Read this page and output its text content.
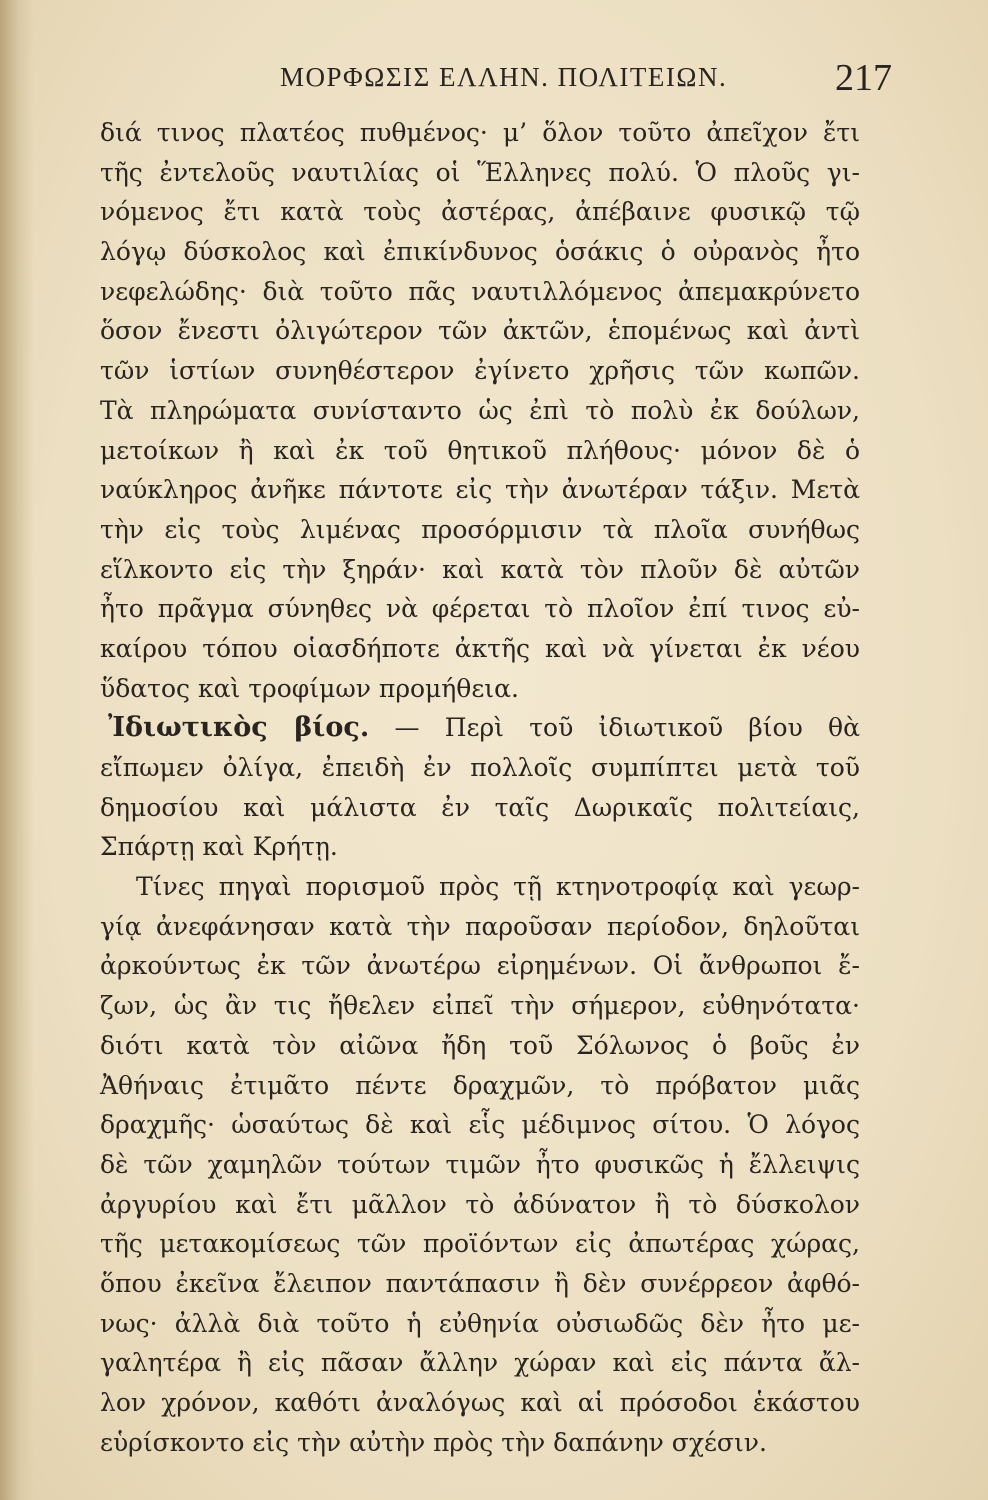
ΜΟΡΦΩΣΙΣ ΕΛΛΗΝ. ΠΟΛΙΤΕΙΩΝ.	217
διά τινος πλατέος πυθμένος· μ’ ὅλον τοῦτο ἀπεῖχον ἔτι
τῆς ἐντελοῦς ναυτιλίας οἱ Ἕλληνες πολύ. Ὁ πλοῦς γι-
νόμενος ἔτι κατὰ τοὺς ἀστέρας, ἀπέβαινε φυσικῷ τῷ
λόγῳ δύσκολος καὶ ἐπικίνδυνος ὁσάκις ὁ οὐρανὸς ἦτο
νεφελώδης· διὰ τοῦτο πᾶς ναυτιλλόμενος ἀπεμακρύνετο
ὅσον ἔνεστι ὀλιγώτερον τῶν ἀκτῶν, ἑπομένως καὶ ἀντὶ
τῶν ἱστίων συνηθέστερον ἐγίνετο χρῆσις τῶν κωπῶν.
Τὰ πληρώματα συνίσταντο ὡς ἐπὶ τὸ πολὺ ἐκ δούλων,
μετοίκων ἢ καὶ ἐκ τοῦ θητικοῦ πλήθους· μόνον δὲ ὁ
ναύκληρος ἀνῆκε πάντοτε εἰς τὴν ἀνωτέραν τάξιν. Μετὰ
τὴν εἰς τοὺς λιμένας προσόρμισιν τὰ πλοῖα συνήθως
εἵλκοντο εἰς τὴν ξηράν· καὶ κατὰ τὸν πλοῦν δὲ αὐτῶν
ἦτο πρᾶγμα σύνηθες νὰ φέρεται τὸ πλοῖον ἐπί τινος εὐ-
καίρου τόπου οἱασδήποτε ἀκτῆς καὶ νὰ γίνεται ἐκ νέου
ὕδατος καὶ τροφίμων προμήθεια.
Ἰδιωτικὸς βίος. — Περὶ τοῦ ἰδιωτικοῦ βίου θὰ
εἴπωμεν ὀλίγα, ἐπειδὴ ἐν πολλοῖς συμπίπτει μετὰ τοῦ
δημοσίου καὶ μάλιστα ἐν ταῖς Δωρικαῖς πολιτείαις,
Σπάρτῃ καὶ Κρήτῃ.
Τίνες πηγαὶ πορισμοῦ πρὸς τῇ κτηνοτροφίᾳ καὶ γεωρ-
γίᾳ ἀνεφάνησαν κατὰ τὴν παροῦσαν περίοδον, δηλοῦται
ἀρκούντως ἐκ τῶν ἀνωτέρω εἰρημένων. Οἱ ἄνθρωποι ἔ-
ζων, ὡς ἂν τις ἤθελεν εἰπεῖ τὴν σήμερον, εὐθηνότατα·
διότι κατὰ τὸν αἰῶνα ἤδη τοῦ Σόλωνος ὁ βοῦς ἐν
Ἀθήναις ἐτιμᾶτο πέντε δραχμῶν, τὸ πρόβατον μιᾶς
δραχμῆς· ὡσαύτως δὲ καὶ εἷς μέδιμνος σίτου. Ὁ λόγος
δὲ τῶν χαμηλῶν τούτων τιμῶν ἦτο φυσικῶς ἡ ἔλλειψις
ἀργυρίου καὶ ἔτι μᾶλλον τὸ ἀδύνατον ἢ τὸ δύσκολον
τῆς μετακομίσεως τῶν προϊόντων εἰς ἀπωτέρας χώρας,
ὅπου ἐκεῖνα ἔλειπον παντάπασιν ἢ δὲν συνέρρεον ἀφθό-
νως· ἀλλὰ διὰ τοῦτο ἡ εὐθηνία οὐσιωδῶς δὲν ἦτο με-
γαλητέρα ἢ εἰς πᾶσαν ἄλλην χώραν καὶ εἰς πάντα ἄλ-
λον χρόνον, καθότι ἀναλόγως καὶ αἱ πρόσοδοι ἑκάστου
εὑρίσκοντο εἰς τὴν αὐτὴν πρὸς τὴν δαπάνην σχέσιν.
